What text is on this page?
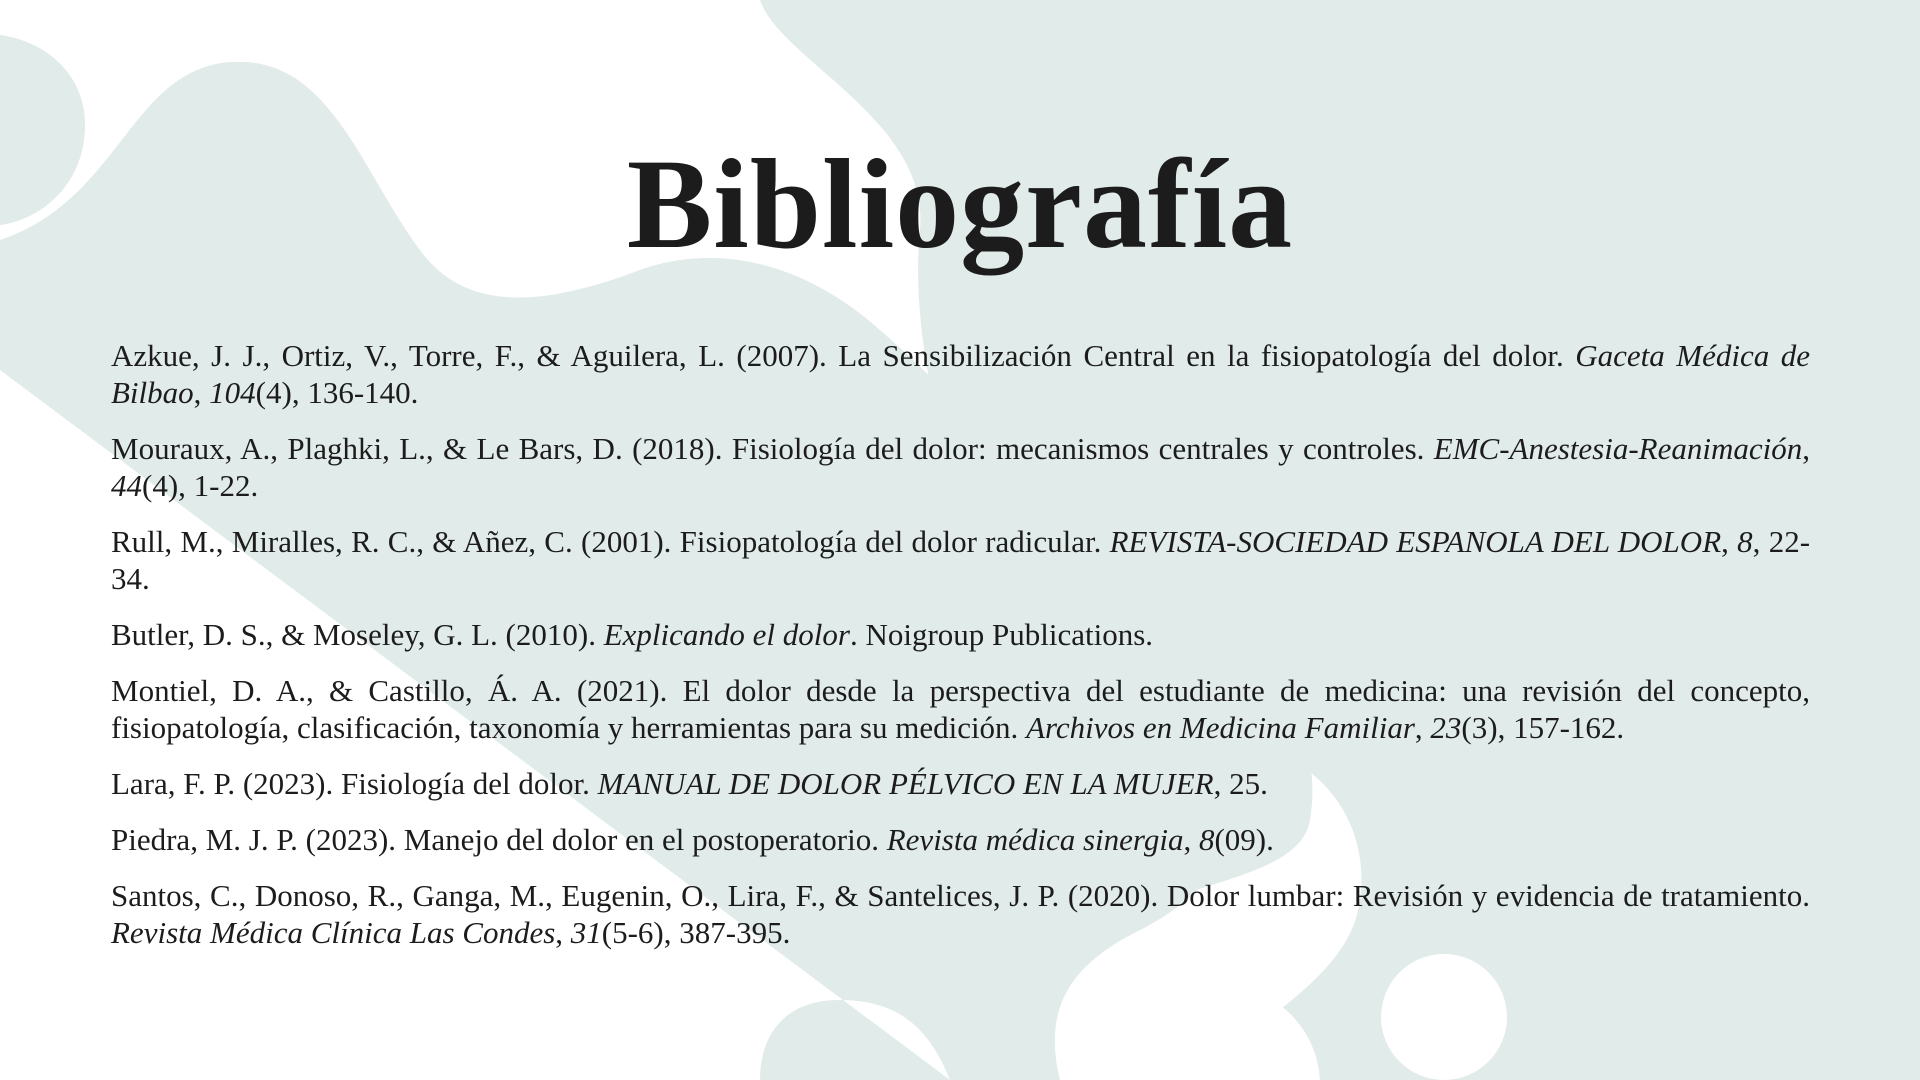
Bibliografía
Azkue, J. J., Ortiz, V., Torre, F., & Aguilera, L. (2007). La Sensibilización Central en la fisiopatología del dolor. Gaceta Médica de Bilbao, 104(4), 136-140.
Mouraux, A., Plaghki, L., & Le Bars, D. (2018). Fisiología del dolor: mecanismos centrales y controles. EMC-Anestesia-Reanimación, 44(4), 1-22.
Rull, M., Miralles, R. C., & Añez, C. (2001). Fisiopatología del dolor radicular. REVISTA-SOCIEDAD ESPANOLA DEL DOLOR, 8, 22-34.
Butler, D. S., & Moseley, G. L. (2010). Explicando el dolor. Noigroup Publications.
Montiel, D. A., & Castillo, Á. A. (2021). El dolor desde la perspectiva del estudiante de medicina: una revisión del concepto, fisiopatología, clasificación, taxonomía y herramientas para su medición. Archivos en Medicina Familiar, 23(3), 157-162.
Lara, F. P. (2023). Fisiología del dolor. MANUAL DE DOLOR PÉLVICO EN LA MUJER, 25.
Piedra, M. J. P. (2023). Manejo del dolor en el postoperatorio. Revista médica sinergia, 8(09).
Santos, C., Donoso, R., Ganga, M., Eugenin, O., Lira, F., & Santelices, J. P. (2020). Dolor lumbar: Revisión y evidencia de tratamiento. Revista Médica Clínica Las Condes, 31(5-6), 387-395.
